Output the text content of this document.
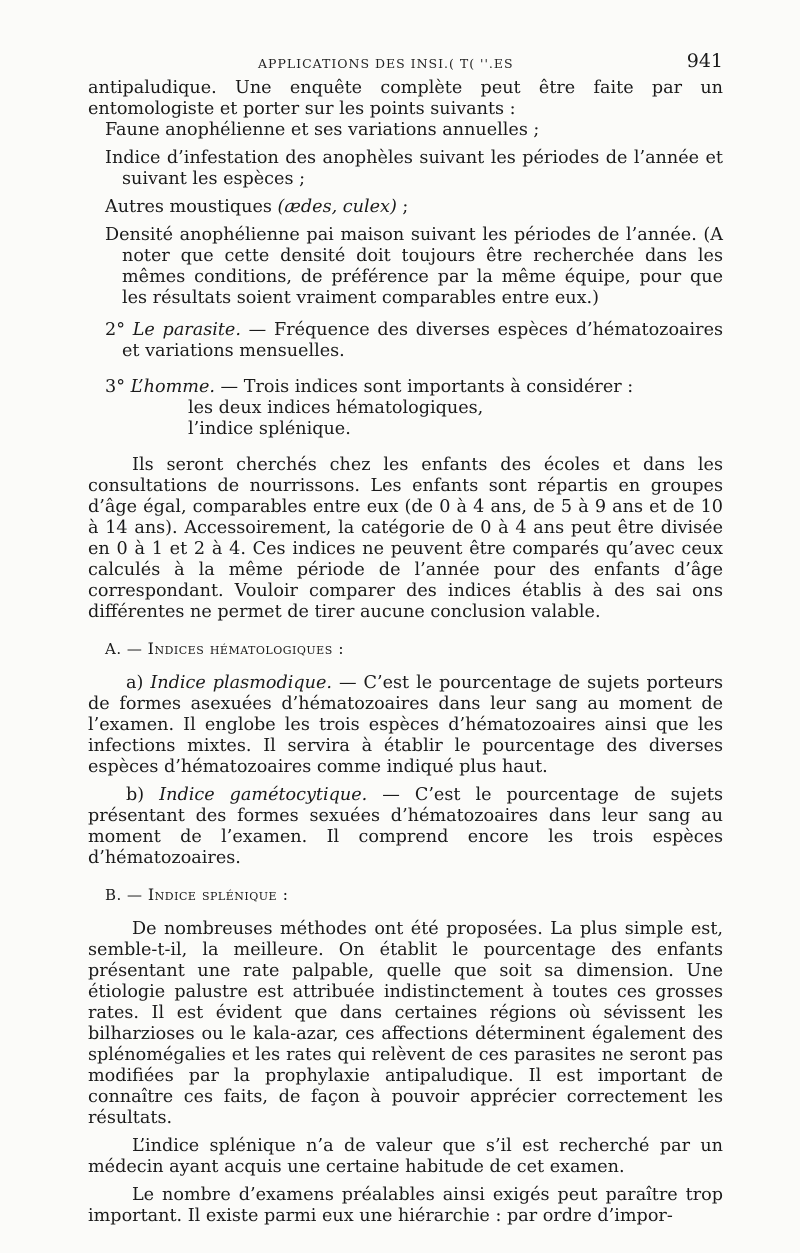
APPLICATIONS DES INSI.( T( ''.ES	941

antipaludique. Une enquête complète peut être faite par un entomologiste et porter sur les points suivants :

Faune anophélienne et ses variations annuelles ;

Indice d’infestation des anophèles suivant les périodes de l’année et suivant les espèces ;

Autres moustiques (ædes, culex) ;

Densité anophélienne pai maison suivant les périodes de l’année. (A noter que cette densité doit toujours être recherchée dans les mêmes conditions, de préférence par la même équipe, pour que les résultats soient vraiment comparables entre eux.)

2° Le parasite. — Fréquence des diverses espèces d’hématozoaires et variations mensuelles.

3° L’homme. — Trois indices sont importants à considérer :

les deux indices hématologiques,

l’indice splénique.

Ils seront cherchés chez les enfants des écoles et dans les consultations de nourrissons. Les enfants sont répartis en groupes d’âge égal, comparables entre eux (de 0 à 4 ans, de 5 à 9 ans et de 10 à 14 ans). Accessoirement, la catégorie de 0 à 4 ans peut être divisée en 0 à 1 et 2 à 4. Ces indices ne peuvent être comparés qu’avec ceux calculés à la même période de l’année pour des enfants d’âge correspondant. Vouloir comparer des indices établis à des sai ons différentes ne permet de tirer aucune conclusion valable.

A. — Indices hématologiques :

a) Indice plasmodique. — C’est le pourcentage de sujets porteurs de formes asexuées d’hématozoaires dans leur sang au moment de l’examen. Il englobe les trois espèces d’hématozoaires ainsi que les infections mixtes. Il servira à établir le pourcentage des diverses espèces d’hématozoaires comme indiqué plus haut.

b) Indice gamétocytique. — C’est le pourcentage de sujets présentant des formes sexuées d’hématozoaires dans leur sang au moment de l’examen. Il comprend encore les trois espèces d’hématozoaires.

B. — Indice splénique :

De nombreuses méthodes ont été proposées. La plus simple est, semble-t-il, la meilleure. On établit le pourcentage des enfants présentant une rate palpable, quelle que soit sa dimension. Une étiologie palustre est attribuée indistinctement à toutes ces grosses rates. Il est évident que dans certaines régions où sévissent les bilharzioses ou le kala-azar, ces affections déterminent également des splénomégalies et les rates qui relèvent de ces parasites ne seront pas modifiées par la prophylaxie antipaludique. Il est important de connaître ces faits, de façon à pouvoir apprécier correctement les résultats.

L’indice splénique n’a de valeur que s’il est recherché par un médecin ayant acquis une certaine habitude de cet examen.

Le nombre d’examens préalables ainsi exigés peut paraître trop important. Il existe parmi eux une hiérarchie : par ordre d’impor-
